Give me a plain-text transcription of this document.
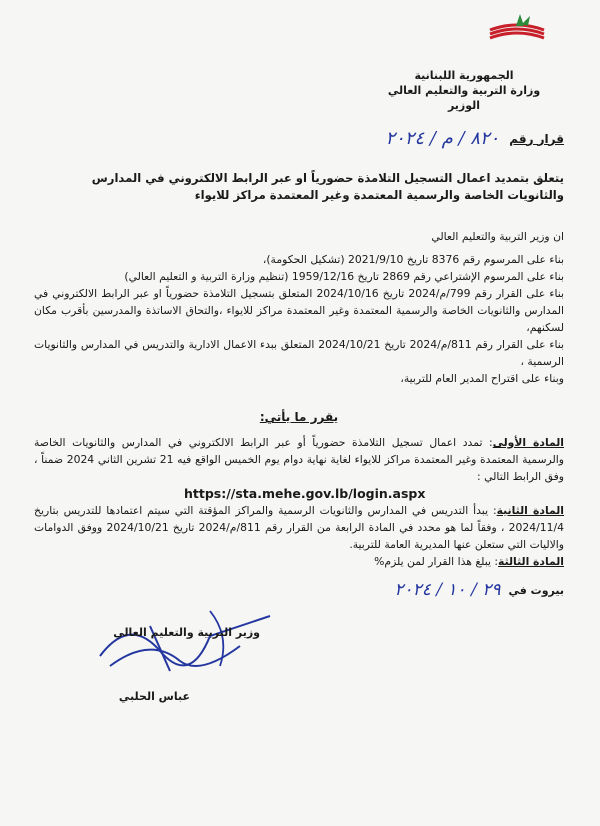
الجمهورية اللبنانية
وزارة التربية والتعليم العالي
الوزير
قرار رقم
٨٢٠ / م / ٢٠٢٤
يتعلق بتمديد اعمال التسجيل التلامذة حضورياً او عبر الرابط الالكتروني في المدارس والثانويات الخاصة والرسمية المعتمدة وغير المعتمدة مراكز للايواء

ان وزير التربية والتعليم العالي

بناء على المرسوم رقم 8376 تاريخ 2021/9/10 (تشكيل الحكومة)،

بناء على المرسوم الإشتراعي رقم 2869 تاريخ 1959/12/16 (تنظيم وزارة التربية و التعليم العالي)

بناء على القرار رقم 799/م/2024 تاريخ 2024/10/16 المتعلق بتسجيل التلامذة حضورياً او عبر الرابط الالكتروني في المدارس والثانويات الخاصة والرسمية المعتمدة وغير المعتمدة مراكز للايواء ،والتحاق الاساتذة والمدرسين بأقرب مكان لسكنهم،

بناء على القرار رقم 811/م/2024 تاريخ 2024/10/21 المتعلق ببدء الاعمال الادارية والتدريس في المدارس والثانويات الرسمية ،

وبناء على اقتراح المدير العام للتربية،

يقرر ما يأتي:

المادة الأولى: تمدد اعمال تسجيل التلامذة حضورياً أو عبر الرابط الالكتروني في المدارس والثانويات الخاصة والرسمية المعتمدة وغير المعتمدة مراكز للايواء لغاية نهاية دوام يوم الخميس الواقع فيه 21 تشرين الثاني 2024 ضمناً ، وفق الرابط التالي :
https://sta.mehe.gov.lb/login.aspx

المادة الثانية: يبدأ التدريس في المدارس والثانويات الرسمية والمراكز المؤقتة التي سيتم اعتمادها للتدريس بتاريخ 2024/11/4 ، وفقاً لما هو محدد في المادة الرابعة من القرار رقم 811/م/2024 تاريخ 2024/10/21 ووفق الدوامات والاليات التي ستعلن عنها المديرية العامة للتربية.

المادة الثالثة: يبلغ هذا القرار لمن يلزم%

بيروت في
٢٩ / ١٠ / ٢٠٢٤
وزير التربية والتعليم العالي
عباس الحلبي
